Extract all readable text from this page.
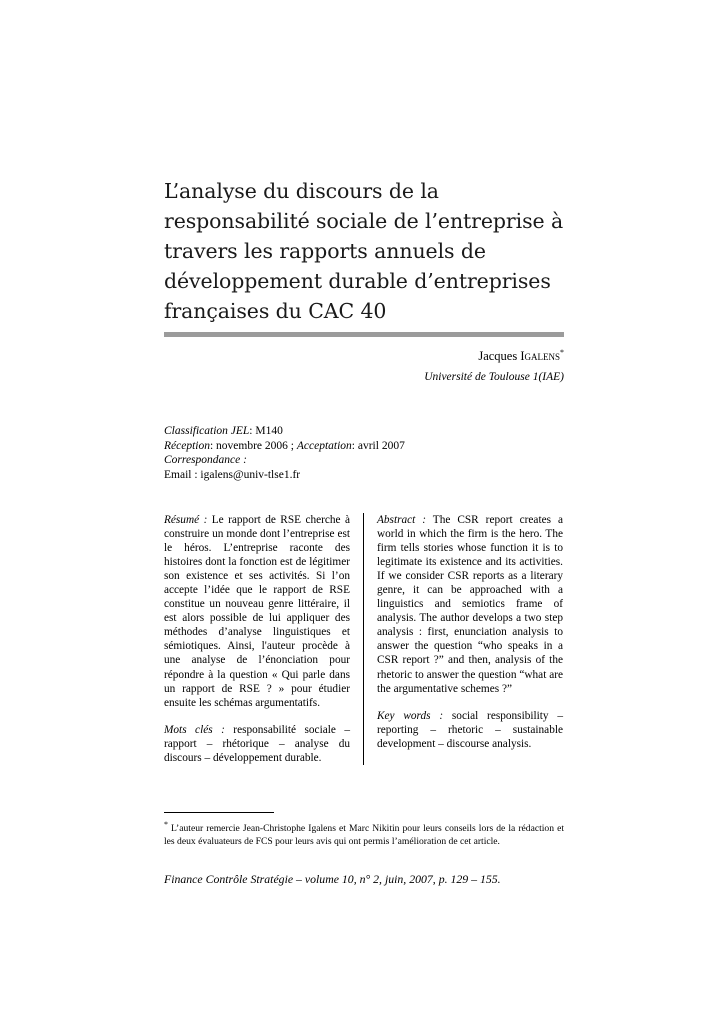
L’analyse du discours de la responsabilité sociale de l’entreprise à travers les rapports annuels de développement durable d’entreprises françaises du CAC 40

Jacques Igalens*

Université de Toulouse 1(IAE)

Classification JEL: M140
Réception: novembre 2006 ; Acceptation: avril 2007
Correspondance :
Email : igalens@univ-tlse1.fr

Résumé : Le rapport de RSE cherche à construire un monde dont l’entreprise est le héros. L’entreprise raconte des histoires dont la fonction est de légitimer son existence et ses activités. Si l’on accepte l’idée que le rapport de RSE constitue un nouveau genre littéraire, il est alors possible de lui appliquer des méthodes d’analyse linguistiques et sémiotiques. Ainsi, l'auteur procède à une analyse de l’énonciation pour répondre à la question « Qui parle dans un rapport de RSE ? » pour étudier ensuite les schémas argumentatifs.

Mots clés : responsabilité sociale – rapport – rhétorique – analyse du discours – développement durable.

Abstract : The CSR report creates a world in which the firm is the hero. The firm tells stories whose function it is to legitimate its existence and its activities. If we consider CSR reports as a literary genre, it can be approached with a linguistics and semiotics frame of analysis. The author develops a two step analysis : first, enunciation analysis to answer the question “who speaks in a CSR report ?” and then, analysis of the rhetoric to answer the question “what are the argumentative schemes ?”

Key words : social responsibility – reporting – rhetoric – sustainable development – discourse analysis.

* L’auteur remercie Jean-Christophe Igalens et Marc Nikitin pour leurs conseils lors de la rédaction et les deux évaluateurs de FCS pour leurs avis qui ont permis l’amélioration de cet article.
Finance Contrôle Stratégie – volume 10, n° 2, juin, 2007, p. 129 – 155.
